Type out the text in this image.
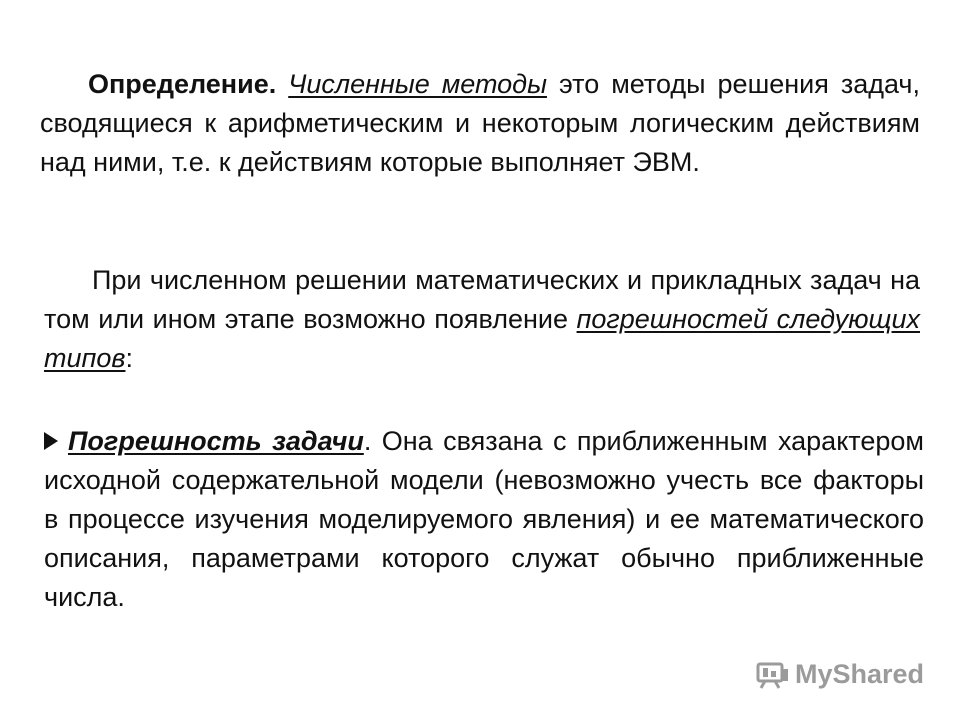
Определение. Численные методы это методы решения задач, сводящиеся к арифметическим и некоторым логическим действиям над ними, т.е. к действиям которые выполняет ЭВМ.

При численном решении математических и прикладных задач на том или ином этапе возможно появление погрешностей следующих типов:

Погрешность задачи. Она связана с приближенным характером исходной содержательной модели (невозможно учесть все факторы в процессе изучения моделируемого явления) и ее математического описания, параметрами которого служат обычно приближенные числа.

MyShared
